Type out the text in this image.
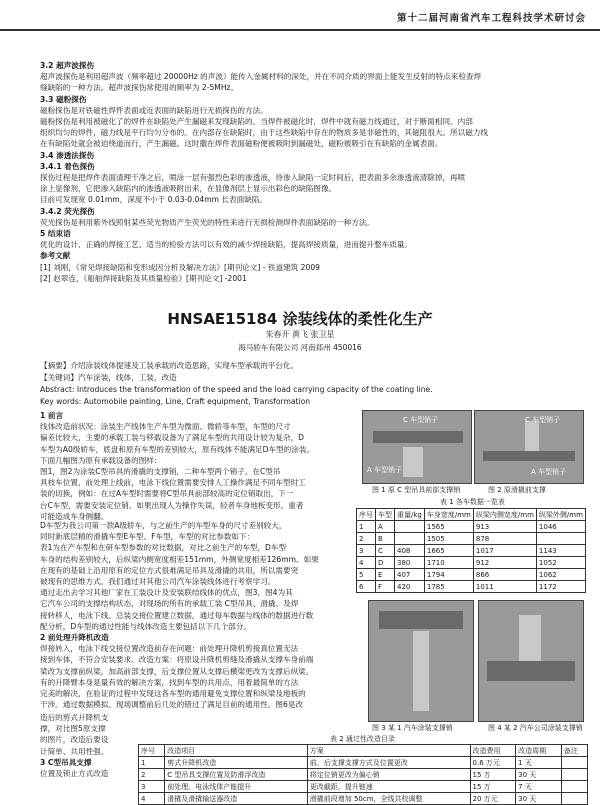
第十二届河南省汽车工程科技学术研讨会
3.2 超声波探伤
超声波探伤是利用超声波（频率超过 20000Hz 的声波）能传入金属材料的深处，并在不同介质的界面上能发生反射的特点来检查焊
缝缺陷的一种方法。超声波探伤常使用的频率为 2-5MHz。
3.3 磁粉探伤
磁粉探伤是对铁磁性焊件表面或近表面的缺陷进行无损探伤的方法。
磁粉探伤是利用被磁化了的焊件在缺陷处产生漏磁来发现缺陷的。当焊件被磁化时，焊件中就有磁力线通过，对于断面相同、内部
组织均匀的焊件，磁力线是平行均匀分布的。在内部存在缺陷时，由于这些缺陷中存在的物质多是非磁性的，其磁阻很大。所以磁力线
在有缺陷处就会被迫绕道而行，产生漏磁。这时撒在焊件表面磁粉便被吸附到漏磁处，磁粉被吸引在有缺陷的金属表面。
3.4 渗透法探伤
3.4.1 着色探伤
探伤过程是把焊件表面清理干净之后，喷涂一层有强烈色彩的渗透液，待渗入缺陷一定时间后，把表面多余渗透液清除掉，再喷
涂上显像剂，它把渗入缺陷内的渗透液吸附出来，在显像剂层上显示出彩色的缺陷图像。
目前可发现宽 0.01mm，深度不小于 0.03-0.04mm 长表面缺陷。
3.4.2 荧光探伤
荧光探伤是利用紫外线照射某些荧光物质产生荧光的特性来进行无损检测焊件表面缺陷的一种方法。
5 结束语
优化的设计、正确的焊接工艺、适当的检验方法可以有效的减少焊接缺陷，提高焊接质量，进而提升整车质量。
参考文献
[1] 刘刚，《常见焊接缺陷和变形成因分析及解决方法》[期刊论文] - 铁道建筑 2009
[2] 赵翠连，《船舶焊接缺陷及其质量检验》[期刊论文] -2001
HNSAE15184 涂装线体的柔性化生产
朱春开 黄飞 张卫星
海马轿车有限公司 河南郑州 450016
【摘要】介绍涂装线体提速及工装承载的改造思路，实现车型承载的平台化。
【关键词】汽车涂装，线体，工装，改造
Abstract: Introduces the transformation of the speed and the load carrying capacity of the coating line.
Key words: Automobile painting, Line, Craft equipment, Transformation
1 前言
线体改造前状况：涂装生产线体生产车型为微面、微轿等车型，车型的尺寸
偏差比较大，主要的承载工装与移载设备为了满足车型的共用设计较为复杂，D
车型为A0级轿车，底盘和原有车型的差别较大，原有线体不能满足D车型的涂装。
下面几幅图为原有承载设备的图样：
图1，图2为涂装C型吊具的滑撬的支撑销，二种车型两个销子。在C型吊
具枝车位置，前处理上线前，电泳下线位置需要安排人工操作满足不同车型时工
装的切换，例如：在过A车型时需要将C型吊具前部较高的定位销取出，下一
台C车型，需要安装定位销。如果出现人为操作失误，轻者车身地板变形，重者
可能造成车身侧翻。
C 车型销子
A 车型销子
C 车型销子
A 车型销子
图 1 原 C 型吊具前部支撑销	图 2 原滑撬前支撑
表 1 各车数据一览表
序号	车型	重量/kg	车身宽度/mm	纵梁内侧宽度/mm	纵梁外侧/mm
1	A		1565	913	1046
2	B		1505	878	
3	C	408	1665	1017	1143
4	D	380	1710	912	1052
5	E	407	1794	866	1062
6	F	420	1785	1011	1172
D车型为我公司第一款A级轿车，与之前生产的车型车身的尺寸差别较大，
同时新底层精的滑撬车型E车型、F车型，车型的对比参数如下：
表1为在产车型和在研车型参数的对比数据，对比之前生产的车型，D车型
车身的结构差别较大，后纵梁内侧宽度相差151mm，外侧宽度相差126mm。如果
在现有的基础上沿用原有的定位方式很难满足吊具及滑撬的共用，所以需要突
破现有的思维方式，我们通过对其他公司汽车涂装线体进行考察学习。
通过走出去学习其他厂家在工装设计及安装联结线体的优点，图3，图4为其
它汽车公司的支撑结构状态，对现场的所有的承载工装 C型吊具、滑撬、及焊
接转移人，电泳下线、总装交接位置建立数据，通过每车数据与线体的数据进行数
配分析，D车型的通过性能与线体改造主要包括以下几个部分。
2 前处理升降机改造
焊接转入，电泳下线交接位置改造前存在问题：前处理升降机剪接真位置无法
接到车体，不符合安装要求。改造方案：将原设升降机剪缝及滑撬从支撑车身前端
梁改为支撑前纵梁，加高前部支撑，后支撑位置从支撑后横梁更改为支撑后纵梁。
有的升降臂本身是量有效的解决方案，找到车型的共用点，用着最简单的方法
完美的解决，在验证的过程中发现这各车型的通用避免支撑位置和纵梁及地板的
干涉。通过数据模拟、现场调整前后几处的错过了满足目前的通用性。图6是改
图 3 某 1 汽车涂装支撑销	图 4 某 2 汽车公司涂装支撑销
造后的剪式升降机支
撑，对比图5原支撑
的图片，改造后要设
计简单、共用性强。
3 C型吊具支撑
位置及锁止方式改造
表 2 通过性改造目录
序号	改造项目	方案	改造费用	改造周期	备注
1	剪式升降机改造	前、后支撑支撑方式及位置更改	0.6 万元	1 天	
2	C 型吊具支撑位置及防滑浮改造	将定位销更改为偏心销	15 万	30 天	
3	前处理、电泳线体产能提升	更改截距，提升链速	15 万	7 天	
4	滑撬及滑撬输送器改造	滑撬前段增加 50cm，全线共校调整	20 万元	30 天	
